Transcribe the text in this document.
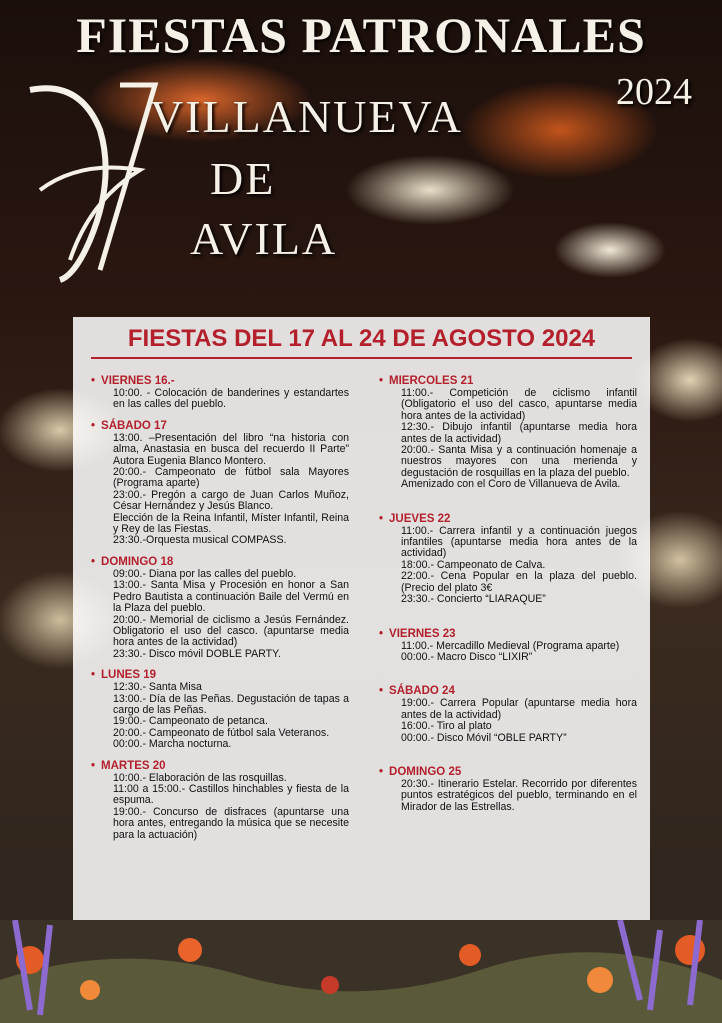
FIESTAS PATRONALES
2024
VILLANUEVA
DE
AVILA
FIESTAS DEL 17 AL 24 DE AGOSTO 2024

• VIERNES 16.-

10:00. - Colocación de banderines y estandartes en las calles del pueblo.

• SÁBADO 17

13:00. –Presentación del libro “na historia con alma, Anastasia en busca del recuerdo II Parte” Autora Eugenia Blanco Montero.

20:00.- Campeonato de fútbol sala Mayores (Programa aparte)

23:00.- Pregón a cargo de Juan Carlos Muñoz, César Hernández y Jesús Blanco.

Elección de la Reina Infantil, Míster Infantil, Reina y Rey de las Fiestas.

23:30.-Orquesta musical COMPASS.

• DOMINGO 18

09:00.- Diana por las calles del pueblo.

13:00.- Santa Misa y Procesión en honor a San Pedro Bautista a continuación Baile del Vermú en la Plaza del pueblo.

20:00.- Memorial de ciclismo a Jesús Fernández. Obligatorio el uso del casco. (apuntarse media hora antes de la actividad)

23:30.- Disco móvil DOBLE PARTY.

• LUNES 19

12:30.- Santa Misa

13:00.- Día de las Peñas. Degustación de tapas a cargo de las Peñas.

19:00.- Campeonato de petanca.

20:00.- Campeonato de fútbol sala Veteranos.

00:00.- Marcha nocturna.

• MARTES 20

10:00.- Elaboración de las rosquillas.

11:00 a 15:00.- Castillos hinchables y fiesta de la espuma.

19:00.- Concurso de disfraces (apuntarse una hora antes, entregando la música que se necesite para la actuación)

• MIERCOLES 21

11:00.- Competición de ciclismo infantil (Obligatorio el uso del casco, apuntarse media hora antes de la actividad)

12:30.- Dibujo infantil (apuntarse media hora antes de la actividad)

20:00.- Santa Misa y a continuación homenaje a nuestros mayores con una merienda y degustación de rosquillas en la plaza del pueblo.

Amenizado con el Coro de Villanueva de Avila.

• JUEVES 22

11:00.- Carrera infantil y a continuación juegos infantiles (apuntarse media hora antes de la actividad)

18:00.- Campeonato de Calva.

22:00.- Cena Popular en la plaza del pueblo. (Precio del plato 3€

23:30.- Concierto “LIARAQUE”

• VIERNES 23

11:00.- Mercadillo Medieval (Programa aparte)

00:00.- Macro Disco “LIXIR”

• SÁBADO 24

19:00.- Carrera Popular (apuntarse media hora antes de la actividad)

16:00.- Tiro al plato

00:00.- Disco Móvil “OBLE PARTY”

• DOMINGO 25

20:30.- Itinerario Estelar. Recorrido por diferentes puntos estratégicos del pueblo, terminando en el Mirador de las Estrellas.
